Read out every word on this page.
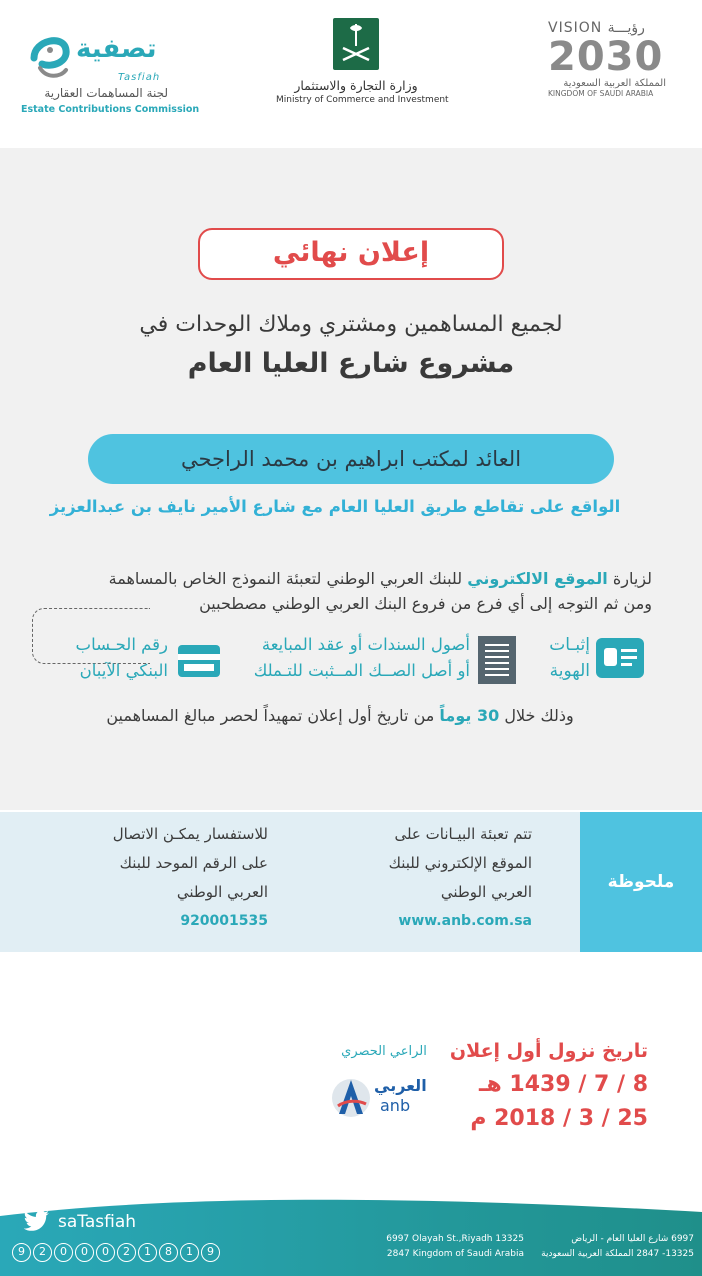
تصفية
Tasfiah
لجنة المساهمات العقارية
Estate Contributions Commission
وزارة التجارة والاستثمار
Ministry of Commerce and Investment
VISION رؤيـــة
2030
المملكة العربية السعودية
KINGDOM OF SAUDI ARABIA
إعلان نهائي
لجميع المساهمين ومشتري وملاك الوحدات في
مشروع شارع العليا العام
العائد لمكتب ابراهيم بن محمد الراجحي
الواقع على تقاطع طريق العليا العام مع شارع الأمير نايف بن عبدالعزيز
لزيارة الموقع الالكتروني للبنك العربي الوطني لتعبئة النموذج الخاص بالمساهمة
ومن ثم التوجه إلى أي فرع من فروع البنك العربي الوطني مصطحبين
إثبـات
الهوية
أصول السندات أو عقد المبايعة
أو أصل الصــك المــثبت للتـملك
رقم الحـساب
البنكي الآيبان
وذلك خلال 30 يوماً من تاريخ أول إعلان تمهيداً لحصر مبالغ المساهمين
ملحوظة
تتم تعبئة البيـانات على
الموقع الإلكتروني للبنك
العربي الوطني
www.anb.com.sa
للاستفسار يمكـن الاتصال
على الرقم الموحد للبنك
العربي الوطني
920001535
تاريخ نزول أول إعلان
8 / 7 / 1439 هـ
25 / 3 / 2018 م
الراعي الحصري
العربي
anb
saTasfiah
9	2	0	0	0	2	1	8	1	9
6997 Olayah St.,Riyadh 13325
2847 Kingdom of Saudi Arabia
6997 شارع العليا العام - الرياض
13325- 2847 المملكة العربية السعودية
